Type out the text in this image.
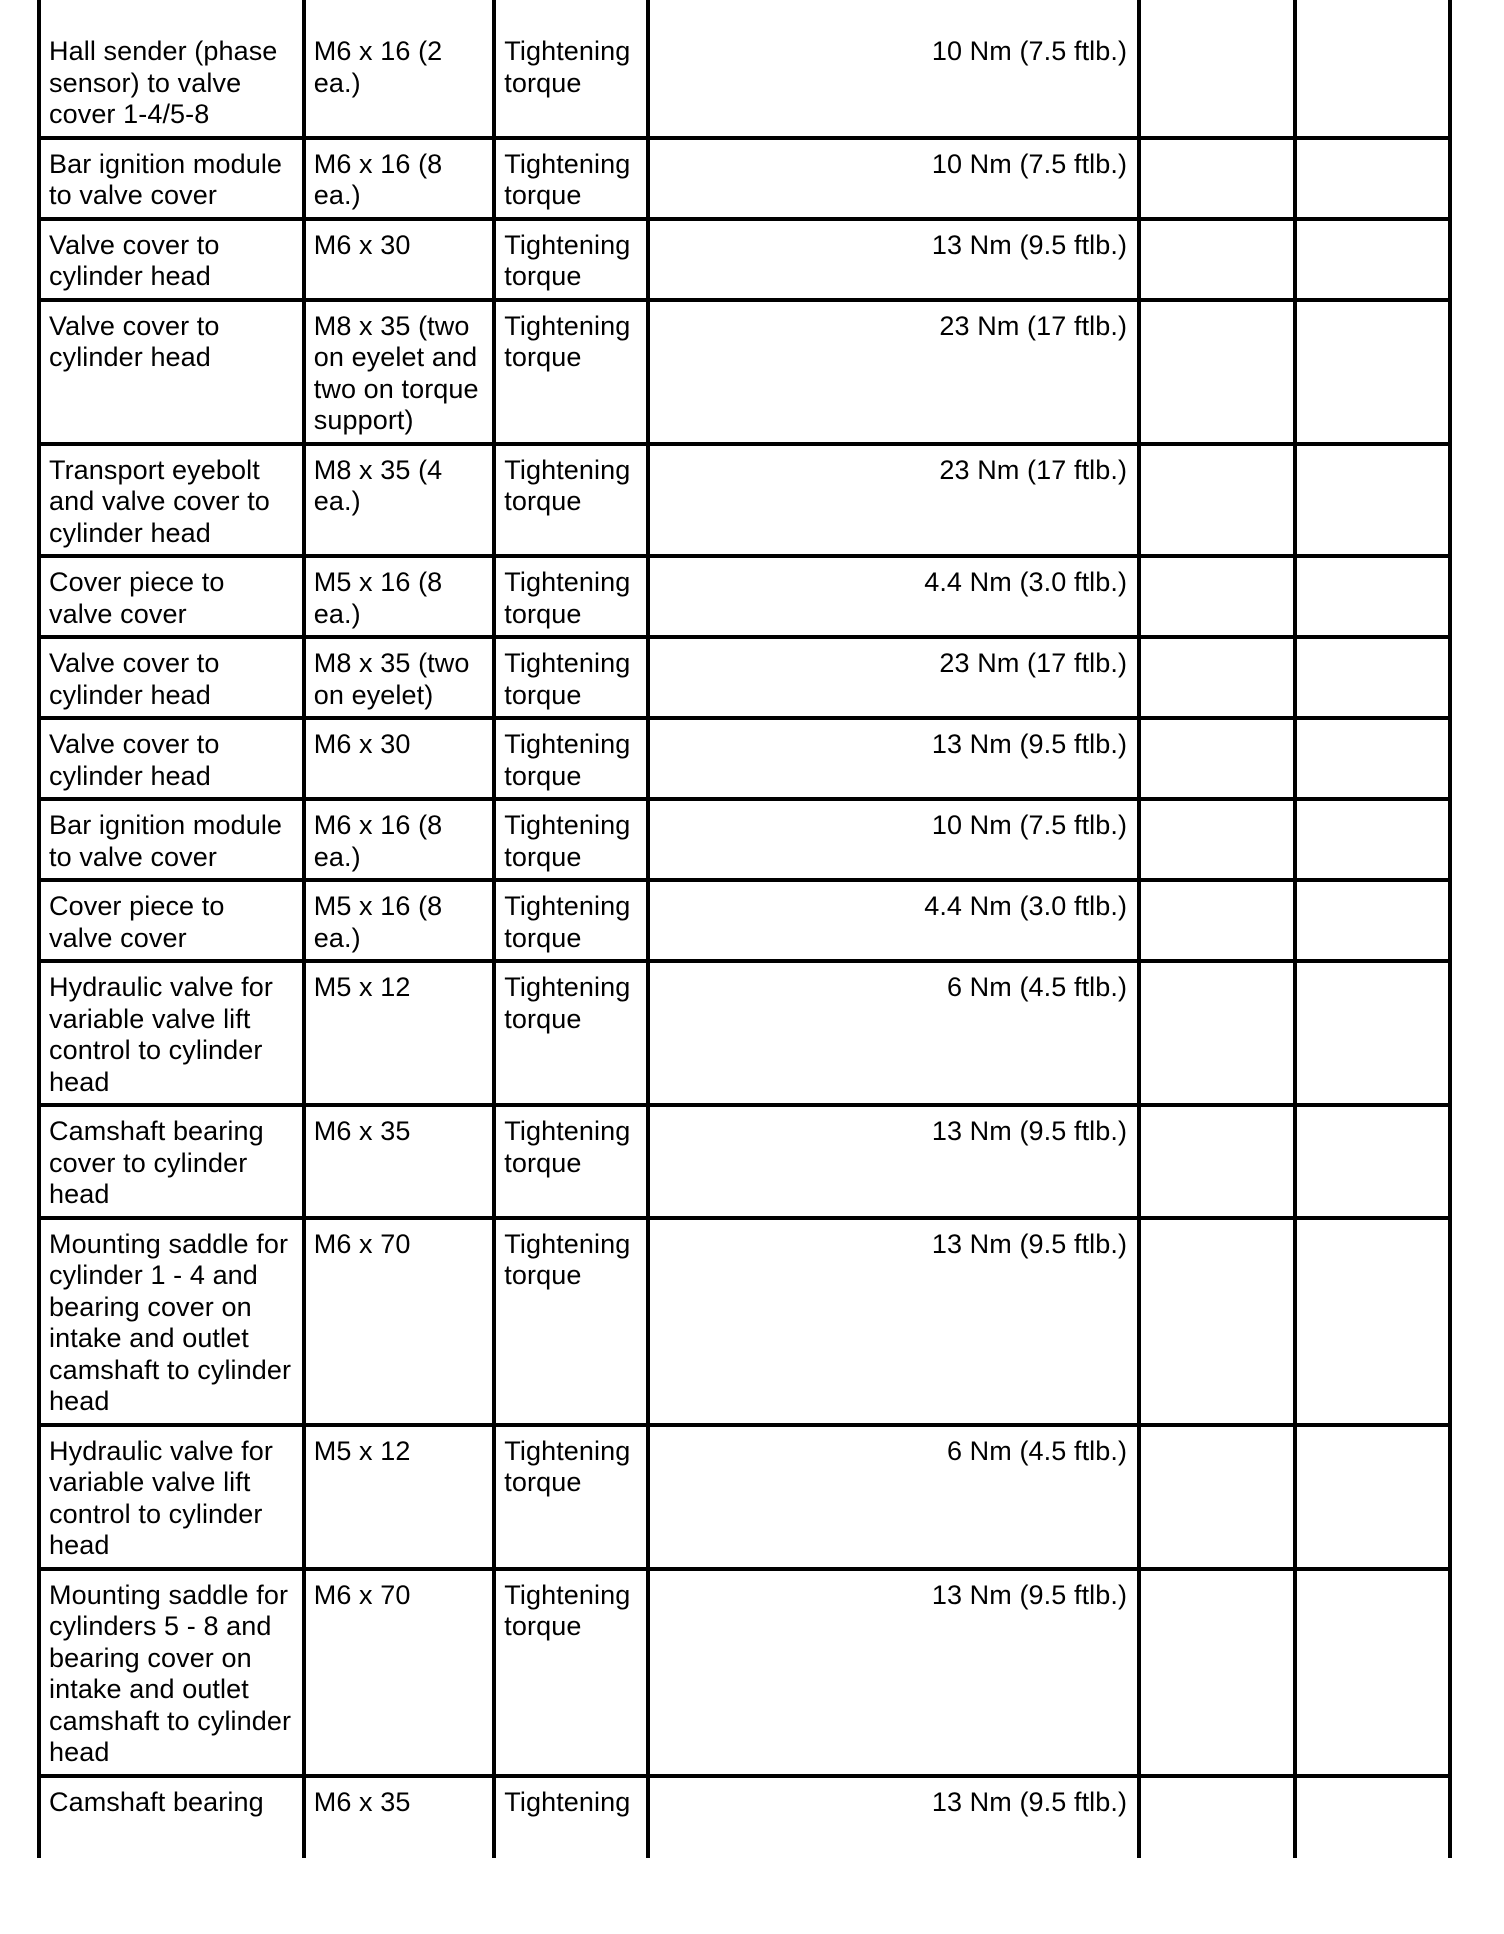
Hall sender (phase sensor) to valve cover 1-4/5-8	M6 x 16 (2 ea.)	Tightening torque	10 Nm (7.5 ftlb.)		
Bar ignition module to valve cover	M6 x 16 (8 ea.)	Tightening torque	10 Nm (7.5 ftlb.)		
Valve cover to cylinder head	M6 x 30	Tightening torque	13 Nm (9.5 ftlb.)		
Valve cover to cylinder head	M8 x 35 (two on eyelet and two on torque support)	Tightening torque	23 Nm (17 ftlb.)		
Transport eyebolt and valve cover to cylinder head	M8 x 35 (4 ea.)	Tightening torque	23 Nm (17 ftlb.)		
Cover piece to valve cover	M5 x 16 (8 ea.)	Tightening torque	4.4 Nm (3.0 ftlb.)		
Valve cover to cylinder head	M8 x 35 (two on eyelet)	Tightening torque	23 Nm (17 ftlb.)		
Valve cover to cylinder head	M6 x 30	Tightening torque	13 Nm (9.5 ftlb.)		
Bar ignition module to valve cover	M6 x 16 (8 ea.)	Tightening torque	10 Nm (7.5 ftlb.)		
Cover piece to valve cover	M5 x 16 (8 ea.)	Tightening torque	4.4 Nm (3.0 ftlb.)		
Hydraulic valve for variable valve lift control to cylinder head	M5 x 12	Tightening torque	6 Nm (4.5 ftlb.)		
Camshaft bearing cover to cylinder head	M6 x 35	Tightening torque	13 Nm (9.5 ftlb.)		
Mounting saddle for cylinder 1 - 4 and bearing cover on intake and outlet camshaft to cylinder head	M6 x 70	Tightening torque	13 Nm (9.5 ftlb.)		
Hydraulic valve for variable valve lift control to cylinder head	M5 x 12	Tightening torque	6 Nm (4.5 ftlb.)		
Mounting saddle for cylinders 5 - 8 and bearing cover on intake and outlet camshaft to cylinder head	M6 x 70	Tightening torque	13 Nm (9.5 ftlb.)		
Camshaft bearing	M6 x 35	Tightening	13 Nm (9.5 ftlb.)		
